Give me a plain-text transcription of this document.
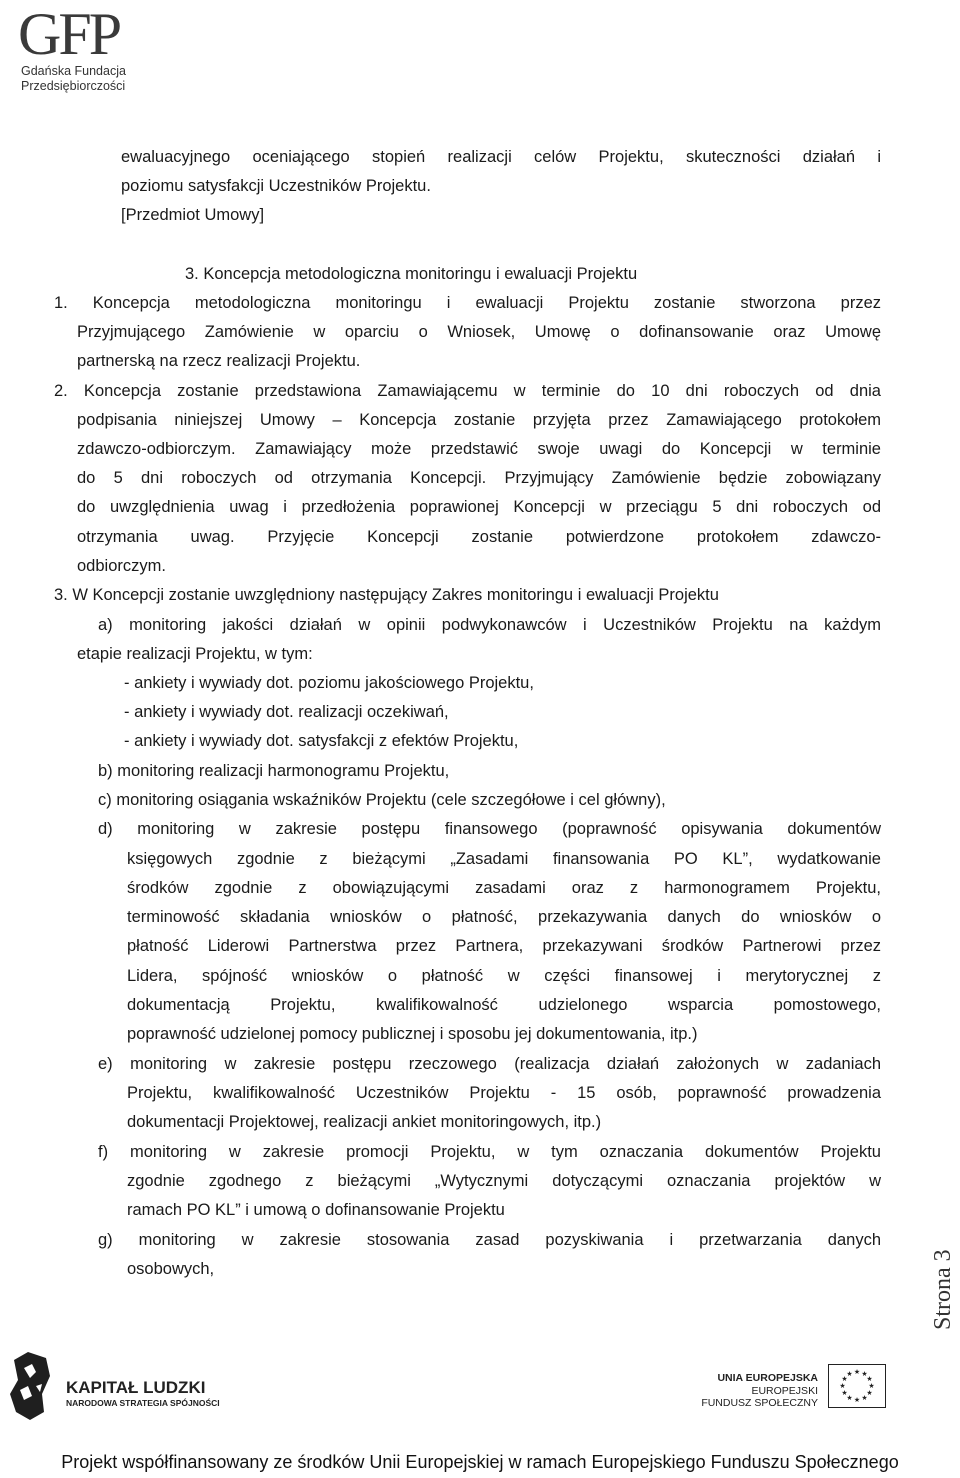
GFP
Gdańska Fundacja
Przedsiębiorczości
ewaluacyjnego oceniającego stopień realizacji celów Projektu, skuteczności działań i
poziomu satysfakcji Uczestników Projektu.
[Przedmiot Umowy]
3. Koncepcja metodologiczna monitoringu i ewaluacji Projektu
1. Koncepcja metodologiczna monitoringu i ewaluacji Projektu zostanie stworzona przez
Przyjmującego Zamówienie w oparciu o Wniosek, Umowę o dofinansowanie oraz Umowę
partnerską na rzecz realizacji Projektu.
2. Koncepcja zostanie przedstawiona Zamawiającemu w terminie do 10 dni roboczych od dnia
podpisania niniejszej Umowy – Koncepcja zostanie przyjęta przez Zamawiającego protokołem
zdawczo-odbiorczym. Zamawiający może przedstawić swoje uwagi do Koncepcji w terminie
do 5 dni roboczych od otrzymania Koncepcji. Przyjmujący Zamówienie będzie zobowiązany
do uwzględnienia uwag i przedłożenia poprawionej Koncepcji w przeciągu 5 dni roboczych od
otrzymania uwag. Przyjęcie Koncepcji zostanie potwierdzone protokołem zdawczo-
odbiorczym.
3. W Koncepcji zostanie uwzględniony następujący Zakres monitoringu i ewaluacji Projektu
a) monitoring jakości działań w opinii podwykonawców i Uczestników Projektu na każdym
etapie realizacji Projektu, w tym:
- ankiety i wywiady dot. poziomu jakościowego Projektu,
- ankiety i wywiady dot. realizacji oczekiwań,
- ankiety i wywiady dot. satysfakcji z efektów Projektu,
b) monitoring realizacji harmonogramu Projektu,
c) monitoring osiągania wskaźników Projektu (cele szczegółowe i cel główny),
d) monitoring w zakresie postępu finansowego (poprawność opisywania dokumentów
księgowych zgodnie z bieżącymi „Zasadami finansowania PO KL”, wydatkowanie
środków zgodnie z obowiązującymi zasadami oraz z harmonogramem Projektu,
terminowość składania wniosków o płatność, przekazywania danych do wniosków o
płatność Liderowi Partnerstwa przez Partnera, przekazywani środków Partnerowi przez
Lidera, spójność wniosków o płatność w części finansowej i merytorycznej z
dokumentacją Projektu, kwalifikowalność udzielonego wsparcia pomostowego,
poprawność udzielonej pomocy publicznej i sposobu jej dokumentowania, itp.)
e) monitoring w zakresie postępu rzeczowego (realizacja działań założonych w zadaniach
Projektu, kwalifikowalność Uczestników Projektu - 15 osób, poprawność prowadzenia
dokumentacji Projektowej, realizacji ankiet monitoringowych, itp.)
f) monitoring w zakresie promocji Projektu, w tym oznaczania dokumentów Projektu
zgodnie zgodnego z bieżącymi „Wytycznymi dotyczącymi oznaczania projektów w
ramach PO KL” i umową o dofinansowanie Projektu
g) monitoring w zakresie stosowania zasad pozyskiwania i przetwarzania danych
osobowych,	Strona 3
KAPITAŁ LUDZKI
NARODOWA STRATEGIA SPÓJNOŚCI
UNIA EUROPEJSKA
EUROPEJSKI
FUNDUSZ SPOŁECZNY
★ ★
★
★
★
★
★
★
★
★
★
★
Projekt współfinansowany ze środków Unii Europejskiej w ramach Europejskiego Funduszu Społecznego
